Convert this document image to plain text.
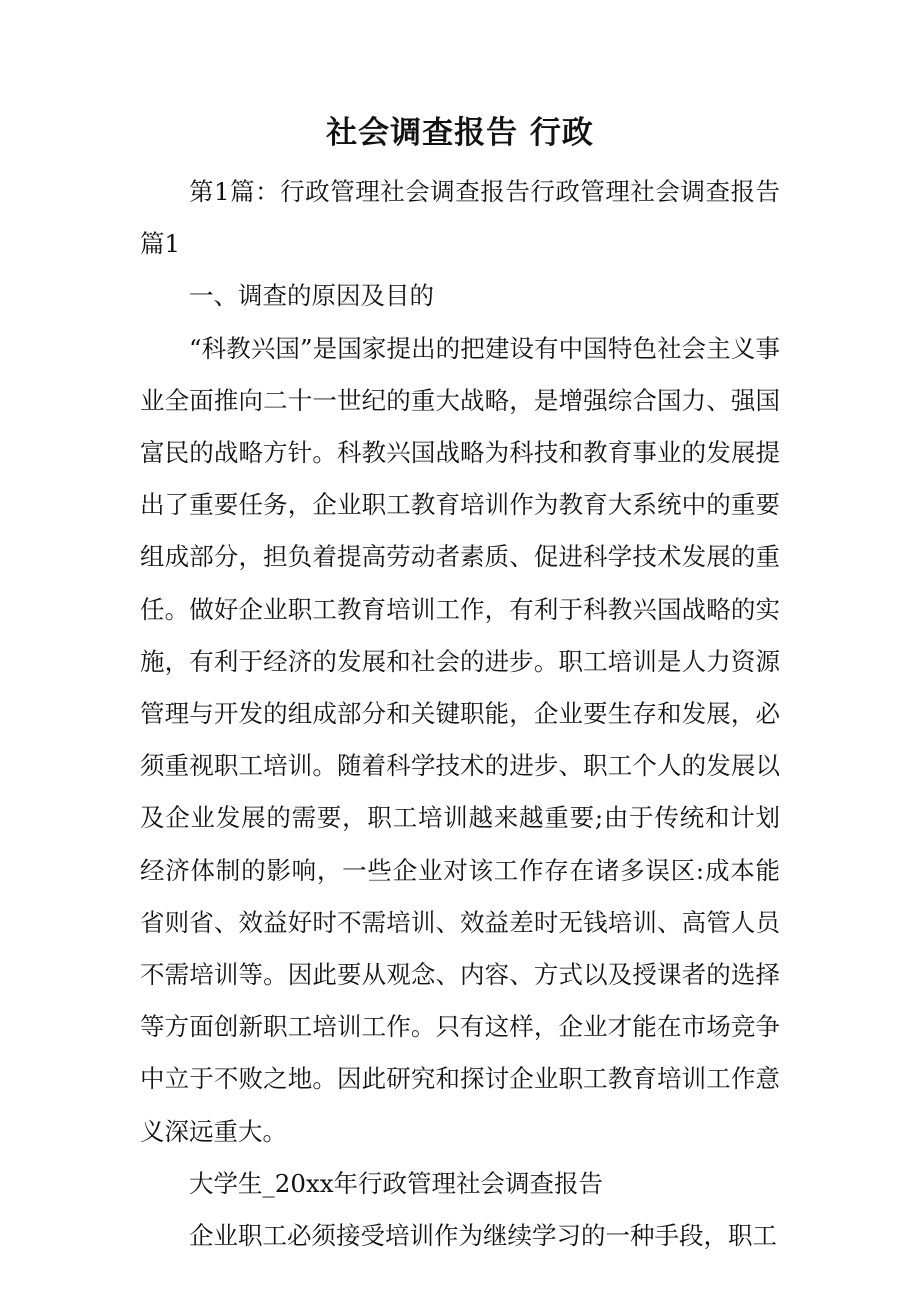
社会调查报告 行政

第1篇：行政管理社会调查报告行政管理社会调查报告篇1

一、调查的原因及目的

“科教兴国”是国家提出的把建设有中国特色社会主义事业全面推向二十一世纪的重大战略，是增强综合国力、强国富民的战略方针。科教兴国战略为科技和教育事业的发展提出了重要任务，企业职工教育培训作为教育大系统中的重要组成部分，担负着提高劳动者素质、促进科学技术发展的重任。做好企业职工教育培训工作，有利于科教兴国战略的实施，有利于经济的发展和社会的进步。职工培训是人力资源管理与开发的组成部分和关键职能，企业要生存和发展，必须重视职工培训。随着科学技术的进步、职工个人的发展以及企业发展的需要，职工培训越来越重要;由于传统和计划经济体制的影响，一些企业对该工作存在诸多误区:成本能省则省、效益好时不需培训、效益差时无钱培训、高管人员不需培训等。因此要从观念、内容、方式以及授课者的选择等方面创新职工培训工作。只有这样，企业才能在市场竞争中立于不败之地。因此研究和探讨企业职工教育培训工作意义深远重大。

大学生_20xx年行政管理社会调查报告

企业职工必须接受培训作为继续学习的一种手段，职工
